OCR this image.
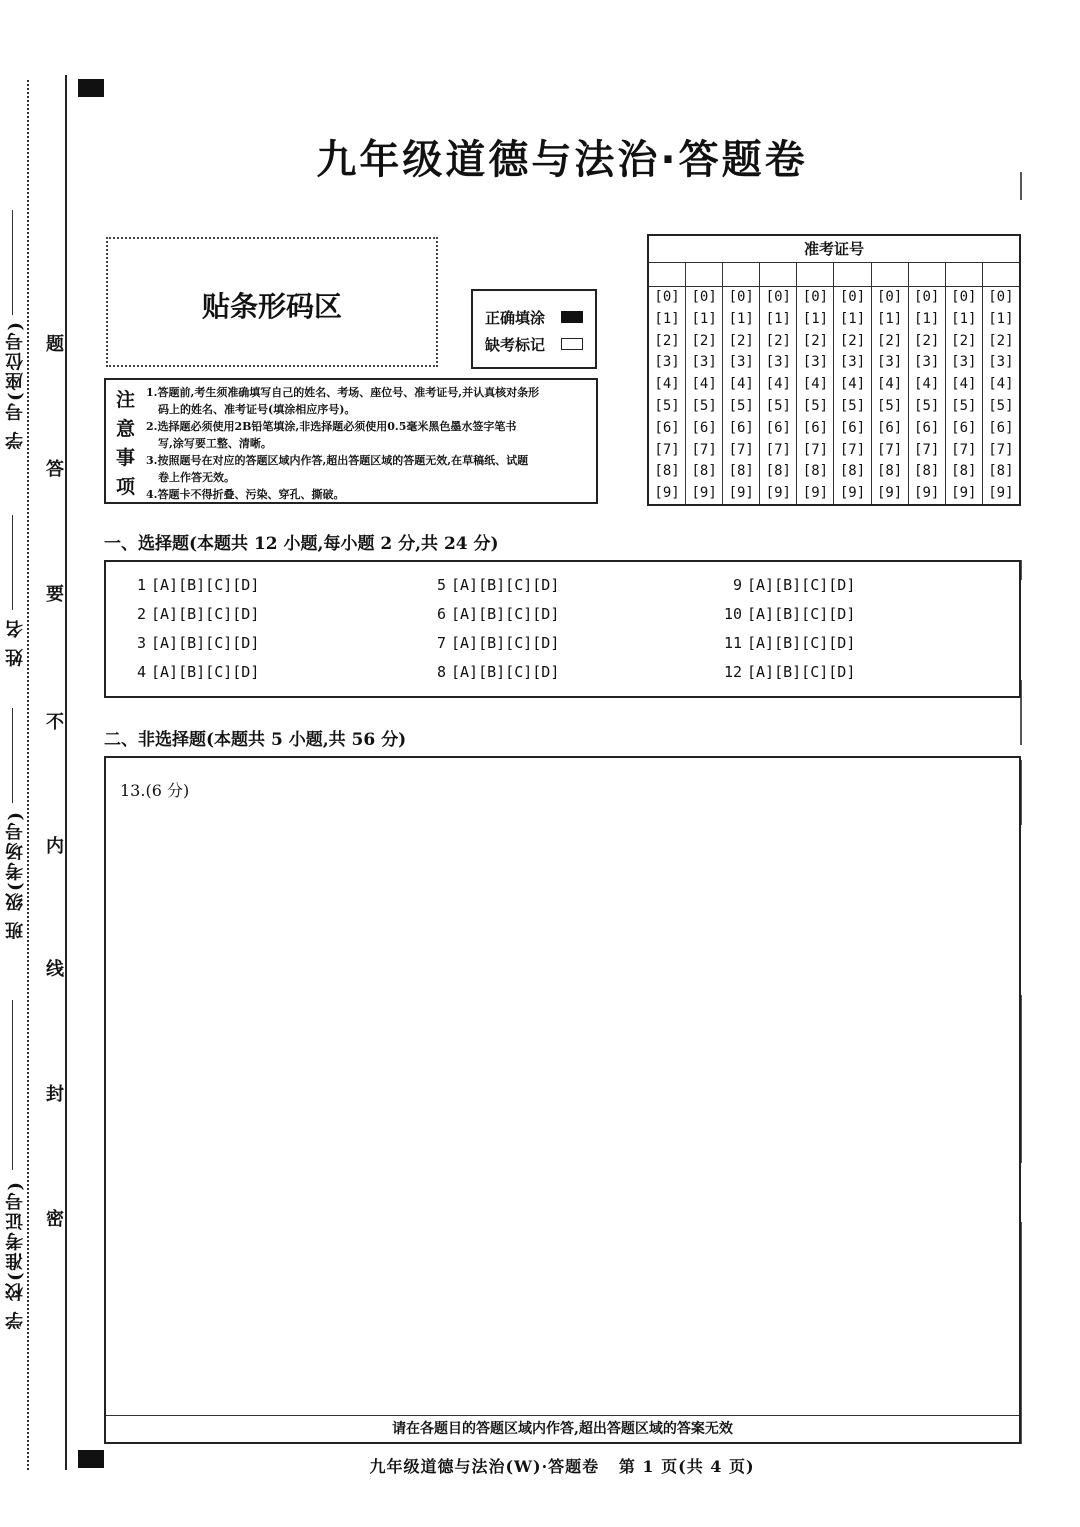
学 号(座位号)
姓 名
班 级(考场号)
学 校(准考证号)
题
答
要
不
内
线
封
密
九年级道德与法治·答题卷
贴条形码区	正确填涂
缺考标记
注
意
事
项
1.答题前,考生须准确填写自己的姓名、考场、座位号、准考证号,并认真核对条形
码上的姓名、准考证号(填涂相应序号)。
2.选择题必须使用2B铅笔填涂,非选择题必须使用0.5毫米黑色墨水签字笔书
写,涂写要工整、清晰。
3.按照题号在对应的答题区域内作答,超出答题区域的答题无效,在草稿纸、试题
卷上作答无效。
4.答题卡不得折叠、污染、穿孔、撕破。
准考证号
[0]
[1]
[2]
[3]
[4]
[5]
[6]
[7]
[8]
[9]
[0]
[1]
[2]
[3]
[4]
[5]
[6]
[7]
[8]
[9]
[0]
[1]
[2]
[3]
[4]
[5]
[6]
[7]
[8]
[9]
[0]
[1]
[2]
[3]
[4]
[5]
[6]
[7]
[8]
[9]
[0]
[1]
[2]
[3]
[4]
[5]
[6]
[7]
[8]
[9]
[0]
[1]
[2]
[3]
[4]
[5]
[6]
[7]
[8]
[9]
[0]
[1]
[2]
[3]
[4]
[5]
[6]
[7]
[8]
[9]
[0]
[1]
[2]
[3]
[4]
[5]
[6]
[7]
[8]
[9]
[0]
[1]
[2]
[3]
[4]
[5]
[6]
[7]
[8]
[9]
[0]
[1]
[2]
[3]
[4]
[5]
[6]
[7]
[8]
[9]
一、选择题(本题共 12 小题,每小题 2 分,共 24 分)
1 [A][B][C][D]
2 [A][B][C][D]
3 [A][B][C][D]
4 [A][B][C][D]
5 [A][B][C][D]
6 [A][B][C][D]
7 [A][B][C][D]
8 [A][B][C][D]
9 [A][B][C][D]
10 [A][B][C][D]
11 [A][B][C][D]
12 [A][B][C][D]
二、非选择题(本题共 5 小题,共 56 分)
13.(6 分)
请在各题目的答题区域内作答,超出答题区域的答案无效
九年级道德与法治(W)·答题卷   第 1 页(共 4 页)
